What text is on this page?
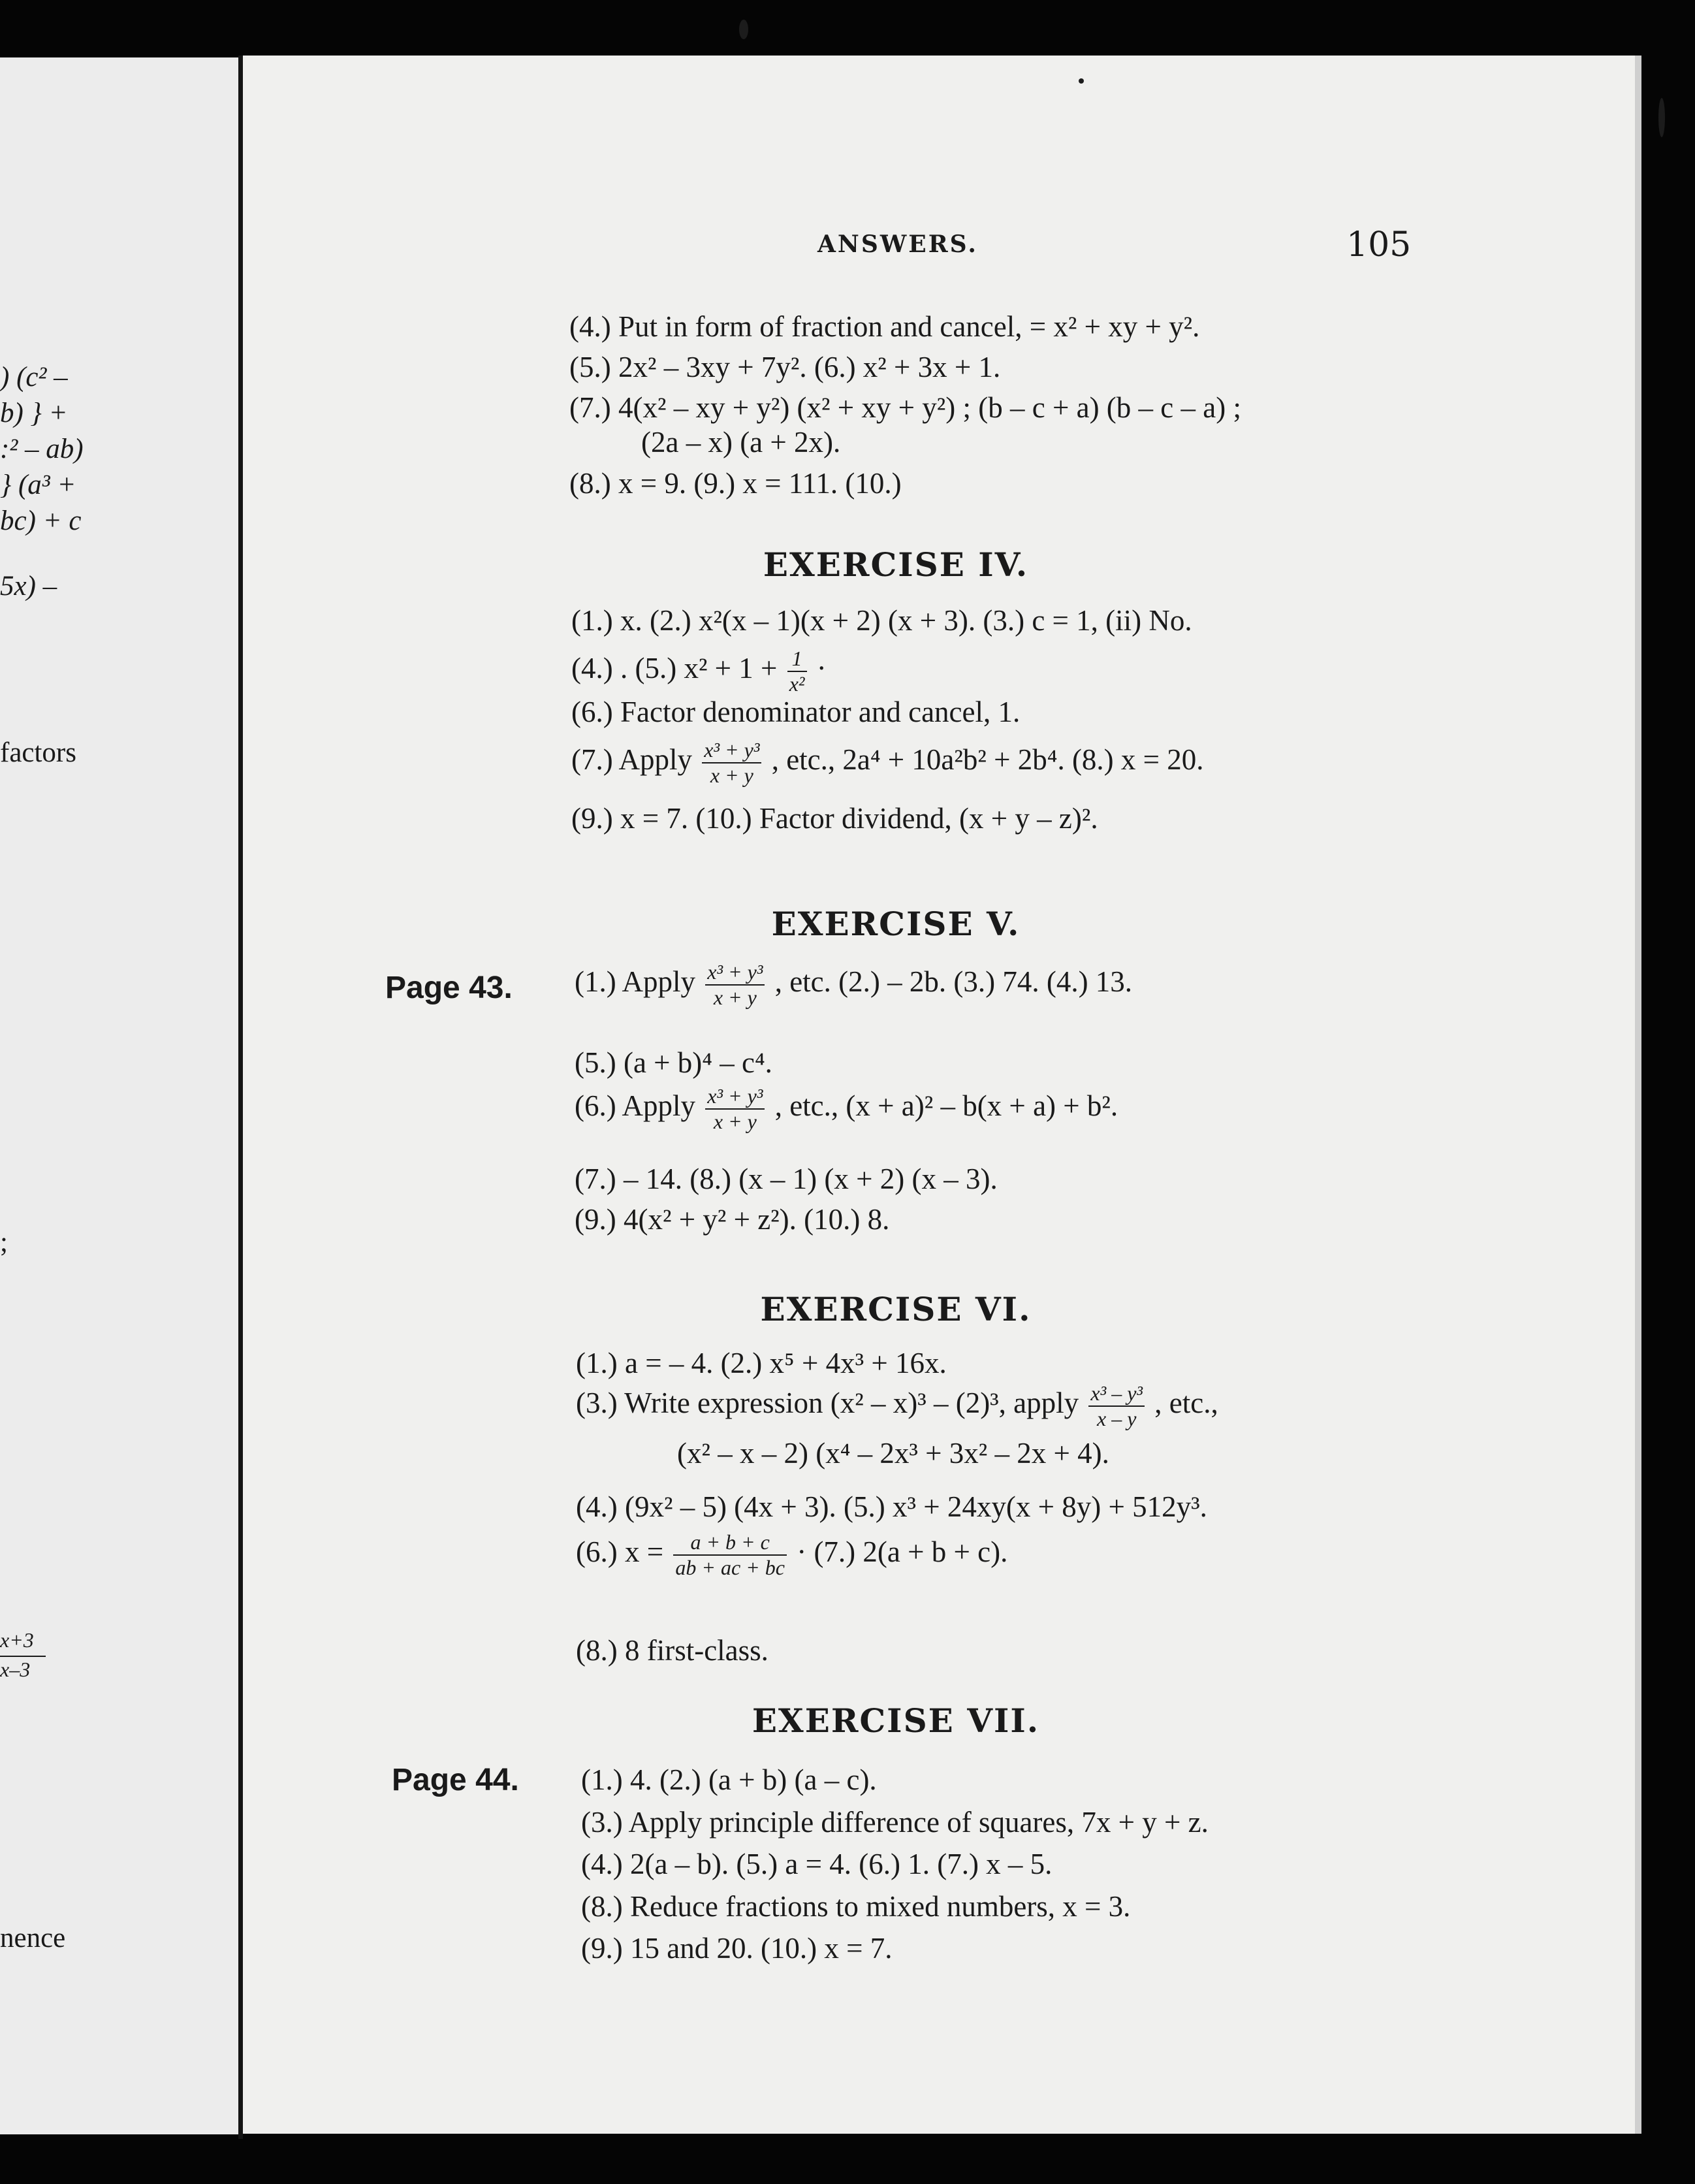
) (c² –
b) } +
:² – ab)
} (a³ +
bc) + c
5x) –
factors
;
x+3
x–3
nence
ANSWERS.	105
(4.) Put in form of fraction and cancel, = x² + xy + y².
(5.) 2x² – 3xy + 7y². (6.) x² + 3x + 1.
(7.) 4(x² – xy + y²) (x² + xy + y²) ; (b – c + a) (b – c – a) ;
(2a – x) (a + 2x).
(8.) x = 9. (9.) x = 111. (10.)
EXERCISE IV.
(1.) x. (2.) x²(x – 1)(x + 2) (x + 3). (3.) c = 1, (ii) No.
(4.) . (5.) $x^2 + 1 + \frac{1}{\text{x²}}$ ·
(6.) Factor denominator and cancel, 1.
(7.) Apply $\frac{\text{x³ + y³}}{x + y}$ , etc., 2a⁴ + 10a²b² + 2b⁴. (8.) x = 20.
(9.) x = 7. (10.) Factor dividend, (x + y – z)².
EXERCISE V.
Page 43. (1.) Apply $\frac{\text{x³ + y³}}{x + y}$ , etc. (2.) – 2b. (3.) 74. (4.) 13.
(5.) (a + b)⁴ – c⁴.
(6.) Apply $\frac{\text{x³ + y³}}{x + y}$ , etc., (x + a)² – b(x + a) + b².
(7.) – 14. (8.) (x – 1) (x + 2) (x – 3).
(9.) 4(x² + y² + z²). (10.) 8.
EXERCISE VI.
(1.) a = – 4. (2.) x⁵ + 4x³ + 16x.
(3.) Write expression (x² – x)³ – (2)³, apply $\frac{\text{x³ – y³}}{x - y}$ , etc.,
(x² – x – 2) (x⁴ – 2x³ + 3x² – 2x + 4).
(4.) (9x² – 5) (4x + 3). (5.) x³ + 24xy(x + 8y) + 512y³.
(6.) $x = \frac{a + b + c}{ab + ac + bc} \cdot (7.) 2(a + b + c)$.
(8.) 8 first-class.
EXERCISE VII.
Page 44. (1.) 4. (2.) (a + b) (a – c).
(3.) Apply principle difference of squares, 7x + y + z.
(4.) 2(a – b). (5.) a = 4. (6.) 1. (7.) x – 5.
(8.) Reduce fractions to mixed numbers, x = 3.
(9.) 15 and 20. (10.) x = 7.
